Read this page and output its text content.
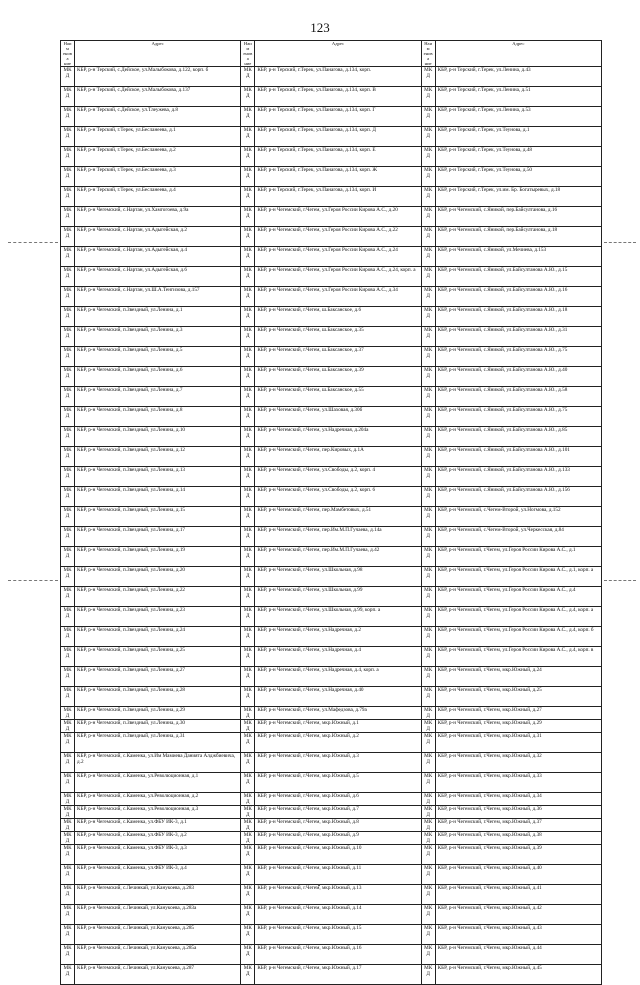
123
Наим енова ние	Адрес	Наим енова ние	Адрес	Наим енова ние	Адрес
МКД	КБР, р-н Терский, с.Дейское, ул.Малыбокова, д.122, корп. б	МКД	КБР, р-н Терский, г.Терек, ул.Панагова, д.134, корп.	МКД	КБР, р-н Терский, г.Терек, ул.Ленина, д.43
МКД	КБР, р-н Терский, с.Дейское, ул.Малыбокова, д.137	МКД	КБР, р-н Терский, г.Терек, ул.Панагова, д.134, корп. В	МКД	КБР, р-н Терский, г.Терек, ул.Ленина, д.51
МКД	КБР, р-н Терский, с.Дейское, ул.Тлеужева, д.8	МКД	КБР, р-н Терский, г.Терек, ул.Панагова, д.134, корп. Г	МКД	КБР, р-н Терский, г.Терек, ул.Ленина, д.53
МКД	КБР, р-н Терский, г.Терек, ул.Бесланеева, д.1	МКД	КБР, р-н Терский, г.Терек, ул.Панагова, д.134, корп. Д	МКД	КБР, р-н Терский, г.Терек, ул.Теунова, д.1
МКД	КБР, р-н Терский, г.Терек, ул.Бесланеева, д.2	МКД	КБР, р-н Терский, г.Терек, ул.Панагова, д.134, корп. Е	МКД	КБР, р-н Терский, г.Терек, ул.Теунова, д.48
МКД	КБР, р-н Терский, г.Терек, ул.Бесланеева, д.3	МКД	КБР, р-н Терский, г.Терек, ул.Панагова, д.134, корп. Ж	МКД	КБР, р-н Терский, г.Терек, ул.Теунова, д.50
МКД	КБР, р-н Терский, г.Терек, ул.Бесланеева, д.4	МКД	КБР, р-н Терский, г.Терек, ул.Панагова, д.134, корп. И	МКД	КБР, р-н Терский, г.Терек, ул.им. Бр. Богатыревых, д.18
МКД	КБР, р-н Чегемский, с.Нартан, ул.Хамгогоева, д.9а	МКД	КБР, р-н Чегемский, г.Чегем, ул.Героя России Кирова А.С., д.20	МКД	КБР, р-н Чегемский, с.Яникой, пер.Байсултанова, д.16
МКД	КБР, р-н Чегемский, с.Нартан, ул.Адыгейская, д.2	МКД	КБР, р-н Чегемский, г.Чегем, ул.Героя России Кирова А.С., д.22	МКД	КБР, р-н Чегемский, с.Яникой, пер.Байсултанова, д.18
МКД	КБР, р-н Чегемский, с.Нартан, ул.Адыгейская, д.4	МКД	КБР, р-н Чегемский, г.Чегем, ул.Героя России Кирова А.С., д.24	МКД	КБР, р-н Чегемский, с.Яникой, ул.Мечиева, д.153
МКД	КБР, р-н Чегемский, с.Нартан, ул.Адыгейская, д.6	МКД	КБР, р-н Чегемский, г.Чегем, ул.Героя России Кирова А.С., д.24, корп. а	МКД	КБР, р-н Чегемский, с.Яникой, ул.Байсултанова А.Ю., д.15
МКД	КБР, р-н Чегемский, с.Нартан, ул.Ш.А.Тенгизова, д.157	МКД	КБР, р-н Чегемский, г.Чегем, ул.Героя России Кирова А.С., д.34	МКД	КБР, р-н Чегемский, с.Яникой, ул.Байсултанова А.Ю., д.16
МКД	КБР, р-н Чегемский, п.Звездный, ул.Ленина, д.1	МКД	КБР, р-н Чегемский, г.Чегем, ш.Баксанское, д.6	МКД	КБР, р-н Чегемский, с.Яникой, ул.Байсултанова А.Ю., д.18
МКД	КБР, р-н Чегемский, п.Звездный, ул.Ленина, д.3	МКД	КБР, р-н Чегемский, г.Чегем, ш.Баксанское, д.35	МКД	КБР, р-н Чегемский, с.Яникой, ул.Байсултанова А.Ю., д.31
МКД	КБР, р-н Чегемский, п.Звездный, ул.Ленина, д.5	МКД	КБР, р-н Чегемский, г.Чегем, ш.Баксанское, д.37	МКД	КБР, р-н Чегемский, с.Яникой, ул.Байсултанова А.Ю., д.75
МКД	КБР, р-н Чегемский, п.Звездный, ул.Ленина, д.6	МКД	КБР, р-н Чегемский, г.Чегем, ш.Баксанское, д.39	МКД	КБР, р-н Чегемский, с.Яникой, ул.Байсултанова А.Ю., д.40
МКД	КБР, р-н Чегемский, п.Звездный, ул.Ленина, д.7	МКД	КБР, р-н Чегемский, г.Чегем, ш.Баксанское, д.55	МКД	КБР, р-н Чегемский, с.Яникой, ул.Байсултанова А.Ю., д.58
МКД	КБР, р-н Чегемский, п.Звездный, ул.Ленина, д.8	МКД	КБР, р-н Чегемский, г.Чегем, ул.Шаховая, д.30б	МКД	КБР, р-н Чегемский, с.Яникой, ул.Байсултанова А.Ю., д.75
МКД	КБР, р-н Чегемский, п.Звездный, ул.Ленина, д.10	МКД	КБР, р-н Чегемский, г.Чегем, ул.Надречная, д.204а	МКД	КБР, р-н Чегемский, с.Яникой, ул.Байсултанова А.Ю., д.85
МКД	КБР, р-н Чегемский, п.Звездный, ул.Ленина, д.12	МКД	КБР, р-н Чегемский, г.Чегем, пер.Кировых, д.1А	МКД	КБР, р-н Чегемский, с.Яникой, ул.Байсултанова А.Ю., д.101
МКД	КБР, р-н Чегемский, п.Звездный, ул.Ленина, д.13	МКД	КБР, р-н Чегемский, г.Чегем, ул.Свободы, д.2, корп. 4	МКД	КБР, р-н Чегемский, с.Яникой, ул.Байсултанова А.Ю., д.133
МКД	КБР, р-н Чегемский, п.Звездный, ул.Ленина, д.14	МКД	КБР, р-н Чегемский, г.Чегем, ул.Свободы, д.2, корп. 6	МКД	КБР, р-н Чегемский, с.Яникой, ул.Байсултанова А.Ю., д.156
МКД	КБР, р-н Чегемский, п.Звездный, ул.Ленина, д.15	МКД	КБР, р-н Чегемский, г.Чегем, пер.Мамбетовых, д.51	МКД	КБР, р-н Чегемский, с.Чегем-Второй, ул.Ногмова, д.152
МКД	КБР, р-н Чегемский, п.Звездный, ул.Ленина, д.17	МКД	КБР, р-н Чегемский, г.Чегем, пер.Им.М.П.Гучаева, д.14а	МКД	КБР, р-н Чегемский, с.Чегем-Второй, ул.Черкесская, д.84
МКД	КБР, р-н Чегемский, п.Звездный, ул.Ленина, д.19	МКД	КБР, р-н Чегемский, г.Чегем, пер.Им.М.П.Гучаева, д.42	МКД	КБР, р-н Чегемский, г.Чегем, ул.Героя России Кирова А.С., д.1
МКД	КБР, р-н Чегемский, п.Звездный, ул.Ленина, д.20	МКД	КБР, р-н Чегемский, г.Чегем, ул.Школьная, д.98	МКД	КБР, р-н Чегемский, г.Чегем, ул.Героя России Кирова А.С., д.1, корп. а
МКД	КБР, р-н Чегемский, п.Звездный, ул.Ленина, д.22	МКД	КБР, р-н Чегемский, г.Чегем, ул.Школьная, д.99	МКД	КБР, р-н Чегемский, г.Чегем, ул.Героя России Кирова А.С., д.4
МКД	КБР, р-н Чегемский, п.Звездный, ул.Ленина, д.23	МКД	КБР, р-н Чегемский, г.Чегем, ул.Школьная, д.99, корп. а	МКД	КБР, р-н Чегемский, г.Чегем, ул.Героя России Кирова А.С., д.4, корп. а
МКД	КБР, р-н Чегемский, п.Звездный, ул.Ленина, д.24	МКД	КБР, р-н Чегемский, г.Чегем, ул.Надречная, д.2	МКД	КБР, р-н Чегемский, г.Чегем, ул.Героя России Кирова А.С., д.4, корп. б
МКД	КБР, р-н Чегемский, п.Звездный, ул.Ленина, д.25	МКД	КБР, р-н Чегемский, г.Чегем, ул.Надречная, д.4	МКД	КБР, р-н Чегемский, г.Чегем, ул.Героя России Кирова А.С., д.4, корп. в
МКД	КБР, р-н Чегемский, п.Звездный, ул.Ленина, д.27	МКД	КБР, р-н Чегемский, г.Чегем, ул.Надречная, д.4, корп. а	МКД	КБР, р-н Чегемский, г.Чегем, мкр.Южный, д.24
МКД	КБР, р-н Чегемский, п.Звездный, ул.Ленина, д.28	МКД	КБР, р-н Чегемский, г.Чегем, ул.Надречная, д.40	МКД	КБР, р-н Чегемский, г.Чегем, мкр.Южный, д.25
МКД	КБР, р-н Чегемский, п.Звездный, ул.Ленина, д.29	МКД	КБР, р-н Чегемский, г.Чегем, ул.Мафедзова, д.79а	МКД	КБР, р-н Чегемский, г.Чегем, мкр.Южный, д.27
МКД	КБР, р-н Чегемский, п.Звездный, ул.Ленина, д.30	МКД	КБР, р-н Чегемский, г.Чегем, мкр.Южный, д.1	МКД	КБР, р-н Чегемский, г.Чегем, мкр.Южный, д.29
МКД	КБР, р-н Чегемский, п.Звездный, ул.Ленина, д.31	МКД	КБР, р-н Чегемский, г.Чегем, мкр.Южный, д.2	МКД	КБР, р-н Чегемский, г.Чегем, мкр.Южный, д.31
МКД	КБР, р-н Чегемский, с.Каменка, ул.Им Мамиева Данията Алджбиевича, д.2	МКД	КБР, р-н Чегемский, г.Чегем, мкр.Южный, д.3	МКД	КБР, р-н Чегемский, г.Чегем, мкр.Южный, д.32
МКД	КБР, р-н Чегемский, с.Каменка, ул.Революционная, д.1	МКД	КБР, р-н Чегемский, г.Чегем, мкр.Южный, д.5	МКД	КБР, р-н Чегемский, г.Чегем, мкр.Южный, д.33
МКД	КБР, р-н Чегемский, с.Каменка, ул.Революционная, д.2	МКД	КБР, р-н Чегемский, г.Чегем, мкр.Южный, д.6	МКД	КБР, р-н Чегемский, г.Чегем, мкр.Южный, д.34
МКД	КБР, р-н Чегемский, с.Каменка, ул.Революционная, д.3	МКД	КБР, р-н Чегемский, г.Чегем, мкр.Южный, д.7	МКД	КБР, р-н Чегемский, г.Чегем, мкр.Южный, д.36
МКД	КБР, р-н Чегемский, с.Каменка, ул.ФБУ ИК-3, д.1	МКД	КБР, р-н Чегемский, г.Чегем, мкр.Южный, д.8	МКД	КБР, р-н Чегемский, г.Чегем, мкр.Южный, д.37
МКД	КБР, р-н Чегемский, с.Каменка, ул.ФБУ ИК-3, д.2	МКД	КБР, р-н Чегемский, г.Чегем, мкр.Южный, д.9	МКД	КБР, р-н Чегемский, г.Чегем, мкр.Южный, д.38
МКД	КБР, р-н Чегемский, с.Каменка, ул.ФБУ ИК-3, д.3	МКД	КБР, р-н Чегемский, г.Чегем, мкр.Южный, д.10	МКД	КБР, р-н Чегемский, г.Чегем, мкр.Южный, д.39
МКД	КБР, р-н Чегемский, с.Каменка, ул.ФБУ ИК-3, д.4	МКД	КБР, р-н Чегемский, г.Чегем, мкр.Южный, д.11	МКД	КБР, р-н Чегемский, г.Чегем, мкр.Южный, д.40
МКД	КБР, р-н Чегемский, с.Лечинкай, ул.Канукоева, д.283	МКД	КБР, р-н Чегемский, г.Чегем, мкр.Южный, д.13	МКД	КБР, р-н Чегемский, г.Чегем, мкр.Южный, д.41
МКД	КБР, р-н Чегемский, с.Лечинкай, ул.Канукоева, д.283а	МКД	КБР, р-н Чегемский, г.Чегем, мкр.Южный, д.14	МКД	КБР, р-н Чегемский, г.Чегем, мкр.Южный, д.42
МКД	КБР, р-н Чегемский, с.Лечинкай, ул.Канукоева, д.285	МКД	КБР, р-н Чегемский, г.Чегем, мкр.Южный, д.15	МКД	КБР, р-н Чегемский, г.Чегем, мкр.Южный, д.43
МКД	КБР, р-н Чегемский, с.Лечинкай, ул.Канукоева, д.285а	МКД	КБР, р-н Чегемский, г.Чегем, мкр.Южный, д.16	МКД	КБР, р-н Чегемский, г.Чегем, мкр.Южный, д.44
МКД	КБР, р-н Чегемский, с.Лечинкай, ул.Канукоева, д.287	МКД	КБР, р-н Чегемский, г.Чегем, мкр.Южный, д.17	МКД	КБР, р-н Чегемский, г.Чегем, мкр.Южный, д.45
